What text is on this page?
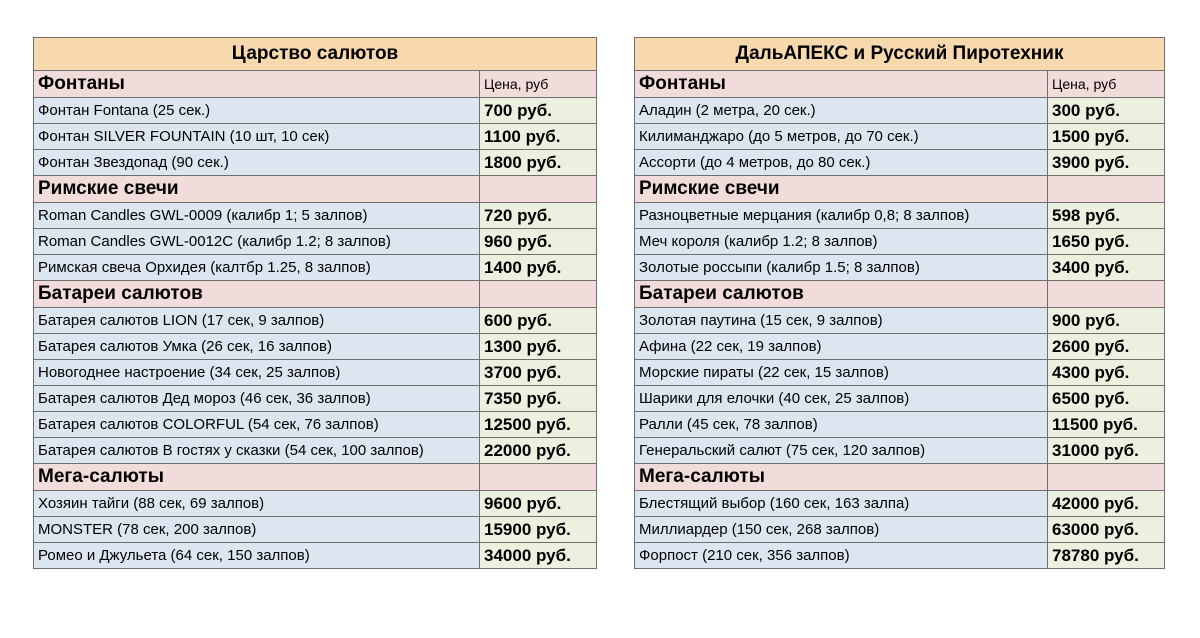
Царство салютов	
Фонтаны	Цена, руб
Фонтан Fontana (25 сек.)	700 руб.
Фонтан SILVER FOUNTAIN (10 шт, 10 сек)	1100 руб.
Фонтан Звездопад (90 сек.)	1800 руб.
Римские свечи	
Roman Candles GWL-0009 (калибр 1; 5 залпов)	720 руб.
Roman Candles GWL-0012C (калибр 1.2; 8 залпов)	960 руб.
Римская свеча Орхидея (калтбр 1.25, 8 залпов)	1400 руб.
Батареи салютов	
Батарея салютов LION (17 сек, 9 залпов)	600 руб.
Батарея салютов Умка (26 сек, 16 залпов)	1300 руб.
Новогоднее настроение (34 сек, 25 залпов)	3700 руб.
Батарея салютов Дед мороз (46 сек, 36 залпов)	7350 руб.
Батарея салютов COLORFUL (54 сек, 76 залпов)	12500 руб.
Батарея салютов В гостях у сказки (54 сек, 100 залпов)	22000 руб.
Мега-салюты	
Хозяин тайги (88 сек, 69 залпов)	9600 руб.
MONSTER (78 сек, 200 залпов)	15900 руб.
Ромео и Джульета (64 сек, 150 залпов)	34000 руб.
ДальАПЕКС и Русский Пиротехник	
Фонтаны	Цена, руб
Аладин (2 метра, 20 сек.)	300 руб.
Килиманджаро (до 5 метров, до 70 сек.)	1500 руб.
Ассорти (до 4 метров, до 80 сек.)	3900 руб.
Римские свечи	
Разноцветные мерцания (калибр 0,8; 8 залпов)	598 руб.
Меч короля (калибр 1.2; 8 залпов)	1650 руб.
Золотые россыпи (калибр 1.5; 8 залпов)	3400 руб.
Батареи салютов	
Золотая паутина (15 сек, 9 залпов)	900 руб.
Афина (22 сек, 19 залпов)	2600 руб.
Морские пираты (22 сек, 15 залпов)	4300 руб.
Шарики для елочки (40 сек, 25 залпов)	6500 руб.
Ралли (45 сек, 78 залпов)	11500 руб.
Генеральский салют (75 сек, 120 залпов)	31000 руб.
Мега-салюты	
Блестящий выбор (160 сек, 163 залпа)	42000 руб.
Миллиардер (150 сек, 268 залпов)	63000 руб.
Форпост (210 сек, 356 залпов)	78780 руб.
